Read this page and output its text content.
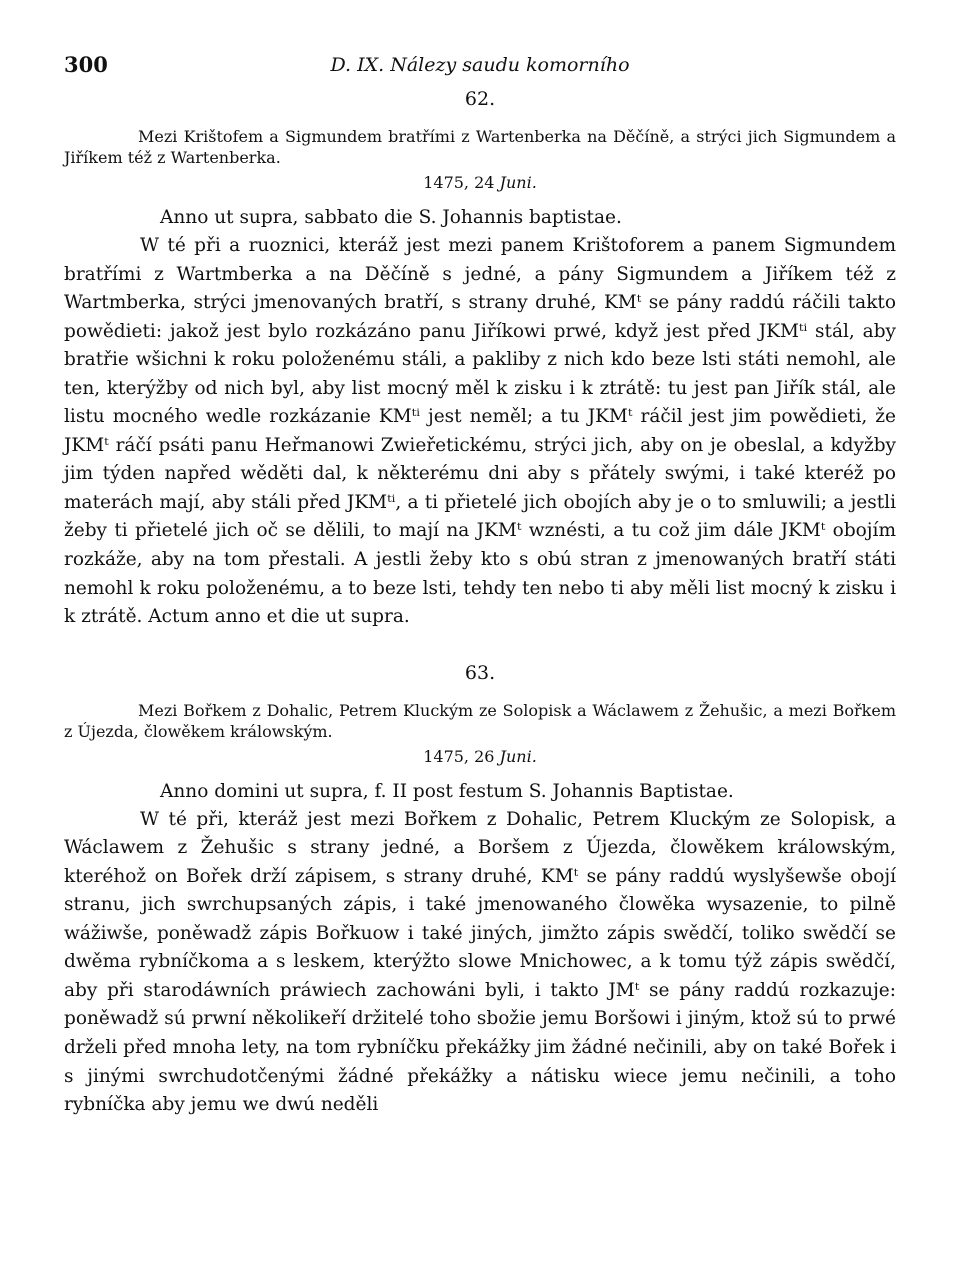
300	D. IX. Nálezy saudu komorního
62.

Mezi Krištofem a Sigmundem bratřími z Wartenberka na Děčíně, a strýci jich Sigmundem a Jiříkem též z Wartenberka.

1475, 24 Juni.

Anno ut supra, sabbato die S. Johannis baptistae.

W té při a ruoznici, kteráž jest mezi panem Krištoforem a panem Sigmundem bratřími z Wartmberka a na Děčíně s jedné, a pány Sigmundem a Jiříkem též z Wartmberka, strýci jmenovaných bratří, s strany druhé, KMᵗ se pány raddú ráčili takto powědieti: jakož jest bylo rozkázáno panu Jiříkowi prwé, když jest před JKMᵗⁱ stál, aby bratřie wšichni k roku položenému stáli, a pakliby z nich kdo beze lsti státi nemohl, ale ten, kterýžby od nich byl, aby list mocný měl k zisku i k ztrátě: tu jest pan Jiřík stál, ale listu mocného wedle rozkázanie KMᵗⁱ jest neměl; a tu JKMᵗ ráčil jest jim powědieti, že JKMᵗ ráčí psáti panu Heřmanowi Zwieřetickému, strýci jich, aby on je obeslal, a kdyžby jim týden napřed wěděti dal, k některému dni aby s přátely swými, i také kteréž po materách mají, aby stáli před JKMᵗⁱ, a ti přietelé jich obojích aby je o to smluwili; a jestli žeby ti přietelé jich oč se dělili, to mají na JKMᵗ wznésti, a tu což jim dále JKMᵗ obojím rozkáže, aby na tom přestali. A jestli žeby kto s obú stran z jmenowaných bratří státi nemohl k roku položenému, a to beze lsti, tehdy ten nebo ti aby měli list mocný k zisku i k ztrátě. Actum anno et die ut supra.

63.

Mezi Bořkem z Dohalic, Petrem Kluckým ze Solopisk a Wáclawem z Žehušic, a mezi Bořkem z Újezda, člowěkem králowským.

1475, 26 Juni.

Anno domini ut supra, f. II post festum S. Johannis Baptistae.

W té při, kteráž jest mezi Bořkem z Dohalic, Petrem Kluckým ze Solopisk, a Wáclawem z Žehušic s strany jedné, a Boršem z Újezda, člowěkem králowským, kteréhož on Bořek drží zápisem, s strany druhé, KMᵗ se pány raddú wyslyšewše obojí stranu, jich swrchupsaných zápis, i také jmenowaného člowěka wysazenie, to pilně wážiwše, poněwadž zápis Bořkuow i také jiných, jimžto zápis swědčí, toliko swědčí se dwěma rybníčkoma a s leskem, kterýžto slowe Mnichowec, a k tomu týž zápis swědčí, aby při starodáwních práwiech zachowáni byli, i takto JMᵗ se pány raddú rozkazuje: poněwadž sú prwní několikeří držitelé toho sbožie jemu Boršowi i jiným, ktož sú to prwé drželi před mnoha lety, na tom rybníčku překážky jim žádné nečinili, aby on také Bořek i s jinými swrchudotčenými žádné překážky a nátisku wiece jemu nečinili, a toho rybníčka aby jemu we dwú neděli
